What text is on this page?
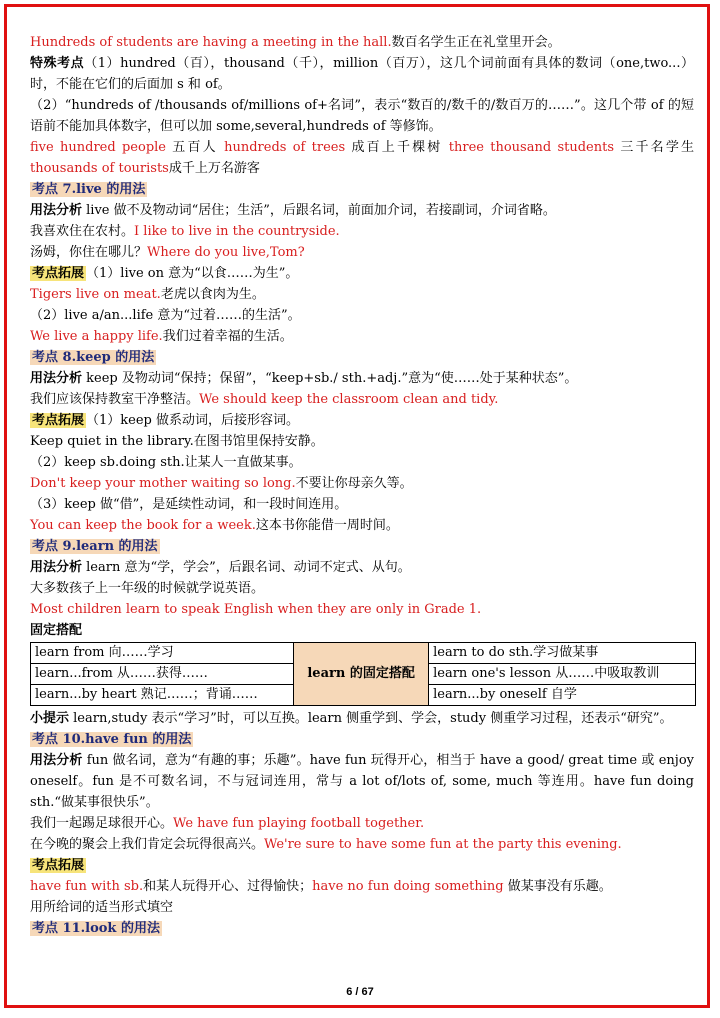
Hundreds of students are having a meeting in the hall.数百名学生正在礼堂里开会。
特殊考点（1）hundred（百），thousand（千），million（百万），这几个词前面有具体的数词（one,two...）时，不能在它们的后面加 s 和 of。
（2）“hundreds of /thousands of/millions of+名词”，表示“数百的/数千的/数百万的……”。这几个带 of 的短语前不能加具体数字，但可以加 some,several,hundreds of 等修饰。
five hundred people 五百人 hundreds of trees 成百上千棵树 three thousand students 三千名学生thousands of tourists成千上万名游客
考点 7.live 的用法
用法分析 live 做不及物动词“居住；生活”，后跟名词，前面加介词，若接副词，介词省略。
我喜欢住在农村。I like to live in the countryside.
汤姆，你住在哪儿？Where do you live,Tom?
考点拓展 （1）live on 意为“以食……为生”。
Tigers live on meat.老虎以食肉为生。
（2）live a/an...life 意为“过着……的生活”。
We live a happy life.我们过着幸福的生活。
考点 8.keep 的用法
用法分析 keep 及物动词“保持；保留”，“keep+sb./ sth.+adj.”意为“使……处于某种状态”。
我们应该保持教室干净整洁。We should keep the classroom clean and tidy.
考点拓展 （1）keep 做系动词，后接形容词。
Keep quiet in the library.在图书馆里保持安静。
（2）keep sb.doing sth.让某人一直做某事。
Don't keep your mother waiting so long.不要让你母亲久等。
（3）keep 做“借”，是延续性动词，和一段时间连用。
You can keep the book for a week.这本书你能借一周时间。
考点 9.learn 的用法
用法分析 learn 意为“学，学会”，后跟名词、动词不定式、从句。
大多数孩子上一年级的时候就学说英语。
Most children learn to speak English when they are only in Grade 1.
固定搭配
learn from 向……学习	learn 的固定搭配	learn to do sth.学习做某事
learn...from 从……获得……		learn one's lesson 从……中吸取教训
learn...by heart 熟记……；背诵……		learn...by oneself 自学
小提示 learn,study 表示“学习”时，可以互换。learn 侧重学到、学会，study 侧重学习过程，还表示“研究”。
考点 10.have fun 的用法
用法分析 fun 做名词，意为“有趣的事；乐趣”。have fun 玩得开心，相当于 have a good/ great time 或 enjoy oneself。fun 是不可数名词，不与冠词连用，常与 a lot of/lots of, some, much 等连用。have fun doing sth.“做某事很快乐”。
我们一起踢足球很开心。We have fun playing football together.
在今晚的聚会上我们肯定会玩得很高兴。We're sure to have some fun at the party this evening.
考点拓展
have fun with sb.和某人玩得开心、过得愉快；have no fun doing something 做某事没有乐趣。
用所给词的适当形式填空
考点 11.look 的用法
6 / 67
